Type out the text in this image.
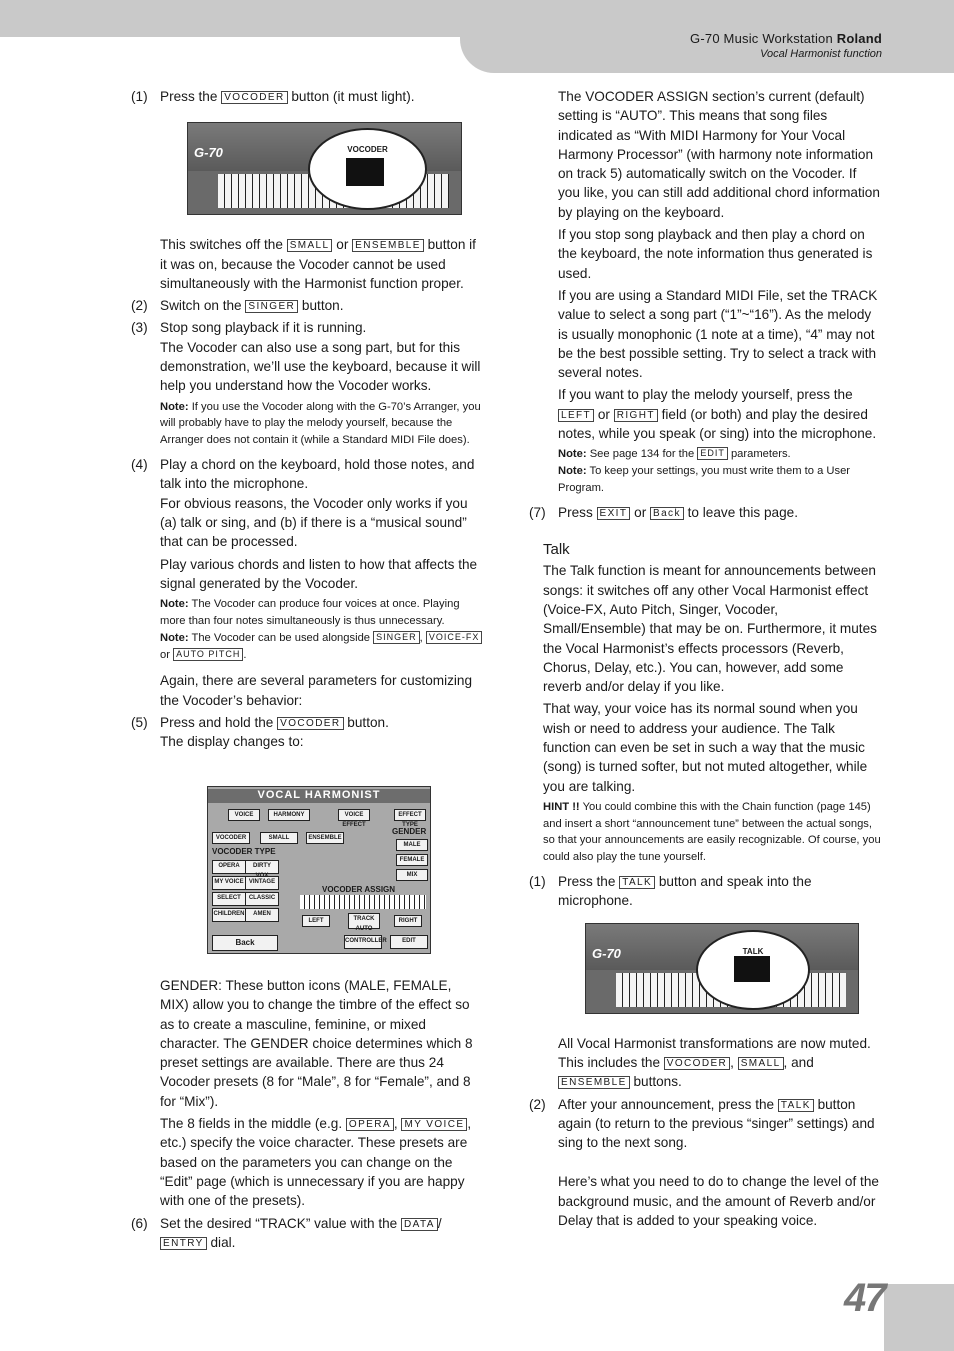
G-70 Music Workstation Roland
Vocal Harmonist function

(1) Press the VOCODER button (it must light).

G-70	VOCODER

This switches off the SMALL or ENSEMBLE button if it was on, because the Vocoder cannot be used simultaneously with the Harmonist function proper.

(2) Switch on the SINGER button.

(3) Stop song playback if it is running.

The Vocoder can also use a song part, but for this demonstration, we’ll use the keyboard, because it will help you understand how the Vocoder works.

Note: If you use the Vocoder along with the G-70’s Arranger, you will probably have to play the melody yourself, because the Arranger does not contain it (while a Standard MIDI File does).

(4) Play a chord on the keyboard, hold those notes, and talk into the microphone.

For obvious reasons, the Vocoder only works if you (a) talk or sing, and (b) if there is a “musical sound” that can be processed.

Play various chords and listen to how that affects the signal generated by the Vocoder.

Note: The Vocoder can produce four voices at once. Playing more than four notes simultaneously is thus unnecessary.

Note: The Vocoder can be used alongside SINGER , VOICE-FX or AUTO PITCH .

Again, there are several parameters for customizing the Vocoder’s behavior:

(5) Press and hold the VOCODER button.

The display changes to:

VOCAL HARMONIST
VOICE	HARMONY	VOICE EFFECT
EFFECT TYPE
VOCODER	SMALL	ENSEMBLE
GENDER
MALE
FEMALE
MIX
VOCODER TYPE
OPERA	DIRTY
MY VOICE VINTAGE
SELECT	CLASSIC
CHILDREN	AMEN
VOCODER ASSIGN
LEFT	TRACK AUTO
RIGHT
Back	CONTROLLER	EDIT

GENDER: These button icons (MALE, FEMALE, MIX) allow you to change the timbre of the effect so as to create a masculine, feminine, or mixed character. The GENDER choice determines which 8 preset settings are available. There are thus 24 Vocoder presets (8 for “Male”, 8 for “Female”, and 8 for “Mix”).

The 8 fields in the middle (e.g. OPERA , MY VOICE , etc.) specify the voice character. These presets are based on the parameters you can change on the “Edit” page (which is unnecessary if you are happy with one of the presets).

(6) Set the desired “TRACK” value with the DATA /ENTRY dial.

The VOCODER ASSIGN section’s current (default) setting is “AUTO”. This means that song files indicated as “With MIDI Harmony for Your Vocal Harmony Processor” (with harmony note information on track 5) automatically switch on the Vocoder. If you like, you can still add additional chord information by playing on the keyboard.

If you stop song playback and then play a chord on the keyboard, the note information thus generated is used.

If you are using a Standard MIDI File, set the TRACK value to select a song part (“1”~“16”). As the melody is usually monophonic (1 note at a time), “4” may not be the best possible setting. Try to select a track with several notes.

If you want to play the melody yourself, press the LEFT or RIGHT field (or both) and play the desired notes, while you speak (or sing) into the microphone.

Note: See page 134 for the EDIT parameters.

Note: To keep your settings, you must write them to a User Program.

(7) Press EXIT or Back to leave this page.

Talk

The Talk function is meant for announcements between songs: it switches off any other Vocal Harmonist effect (Voice-FX, Auto Pitch, Singer, Vocoder, Small/Ensemble) that may be on. Furthermore, it mutes the Vocal Harmonist’s effects processors (Reverb, Chorus, Delay, etc.). You can, however, add some reverb and/or delay if you like.

That way, your voice has its normal sound when you wish or need to address your audience. The Talk function can even be set in such a way that the music (song) is turned softer, but not muted altogether, while you are talking.

HINT !! You could combine this with the Chain function (page 145) and insert a short “announcement tune” between the actual songs, so that your announcements are easily recognizable. Of course, you could also play the tune yourself.

(1) Press the TALK button and speak into the microphone.

G-70	TALK

All Vocal Harmonist transformations are now muted. This includes the VOCODER , SMALL , and ENSEMBLE buttons.

(2) After your announcement, press the TALK button again (to return to the previous “singer” settings) and sing to the next song.

Here’s what you need to do to change the level of the background music, and the amount of Reverb and/or Delay that is added to your speaking voice.

47
